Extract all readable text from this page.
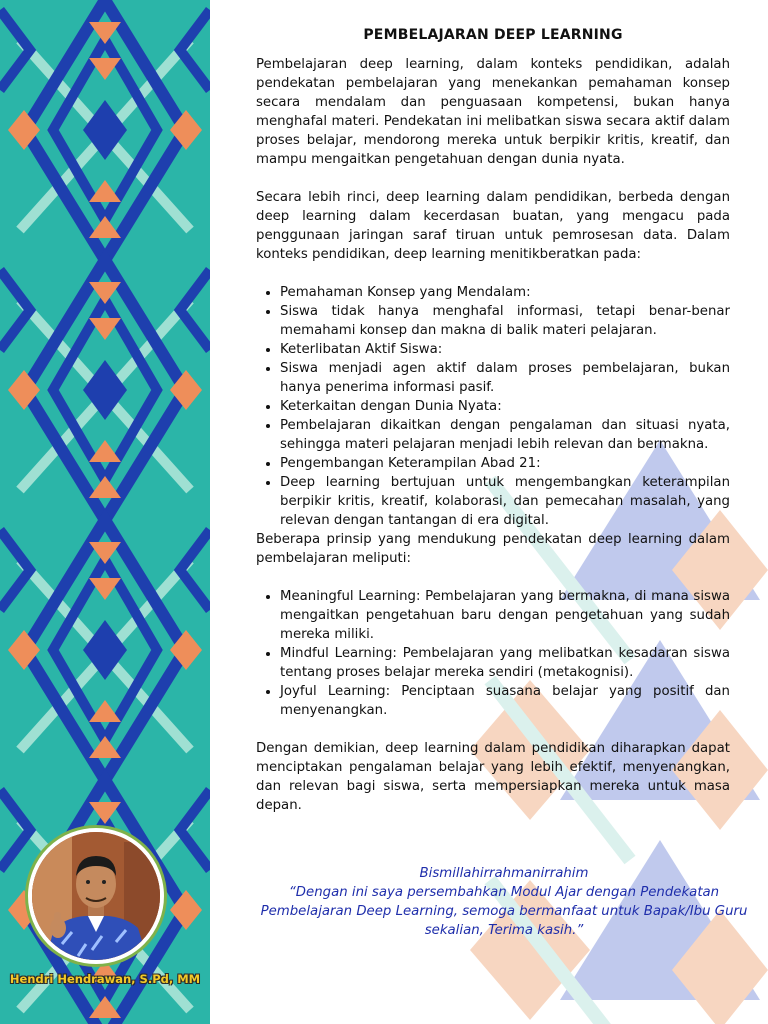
PEMBELAJARAN DEEP LEARNING

Pembelajaran deep learning, dalam konteks pendidikan, adalah pendekatan pembelajaran yang menekankan pemahaman konsep secara mendalam dan penguasaan kompetensi, bukan hanya menghafal materi. Pendekatan ini melibatkan siswa secara aktif dalam proses belajar, mendorong mereka untuk berpikir kritis, kreatif, dan mampu mengaitkan pengetahuan dengan dunia nyata.

Secara lebih rinci, deep learning dalam pendidikan, berbeda dengan deep learning dalam kecerdasan buatan, yang mengacu pada penggunaan jaringan saraf tiruan untuk pemrosesan data. Dalam konteks pendidikan, deep learning menitikberatkan pada:

• Pemahaman Konsep yang Mendalam:
• Siswa tidak hanya menghafal informasi, tetapi benar-benar memahami konsep dan makna di balik materi pelajaran.
• Keterlibatan Aktif Siswa:
• Siswa menjadi agen aktif dalam proses pembelajaran, bukan hanya penerima informasi pasif.
• Keterkaitan dengan Dunia Nyata:
• Pembelajaran dikaitkan dengan pengalaman dan situasi nyata, sehingga materi pelajaran menjadi lebih relevan dan bermakna.
• Pengembangan Keterampilan Abad 21:
• Deep learning bertujuan untuk mengembangkan keterampilan berpikir kritis, kreatif, kolaborasi, dan pemecahan masalah, yang relevan dengan tantangan di era digital.

Beberapa prinsip yang mendukung pendekatan deep learning dalam pembelajaran meliputi:

• Meaningful Learning: Pembelajaran yang bermakna, di mana siswa mengaitkan pengetahuan baru dengan pengetahuan yang sudah mereka miliki.
• Mindful Learning: Pembelajaran yang melibatkan kesadaran siswa tentang proses belajar mereka sendiri (metakognisi).
• Joyful Learning: Penciptaan suasana belajar yang positif dan menyenangkan.

Dengan demikian, deep learning dalam pendidikan diharapkan dapat menciptakan pengalaman belajar yang lebih efektif, menyenangkan, dan relevan bagi siswa, serta mempersiapkan mereka untuk masa depan.

Bismillahirrahmanirrahim
“Dengan ini saya persembahkan Modul Ajar dengan Pendekatan Pembelajaran Deep Learning, semoga bermanfaat untuk Bapak/Ibu Guru sekalian, Terima kasih.”
Hendri Hendrawan, S.Pd, MM
